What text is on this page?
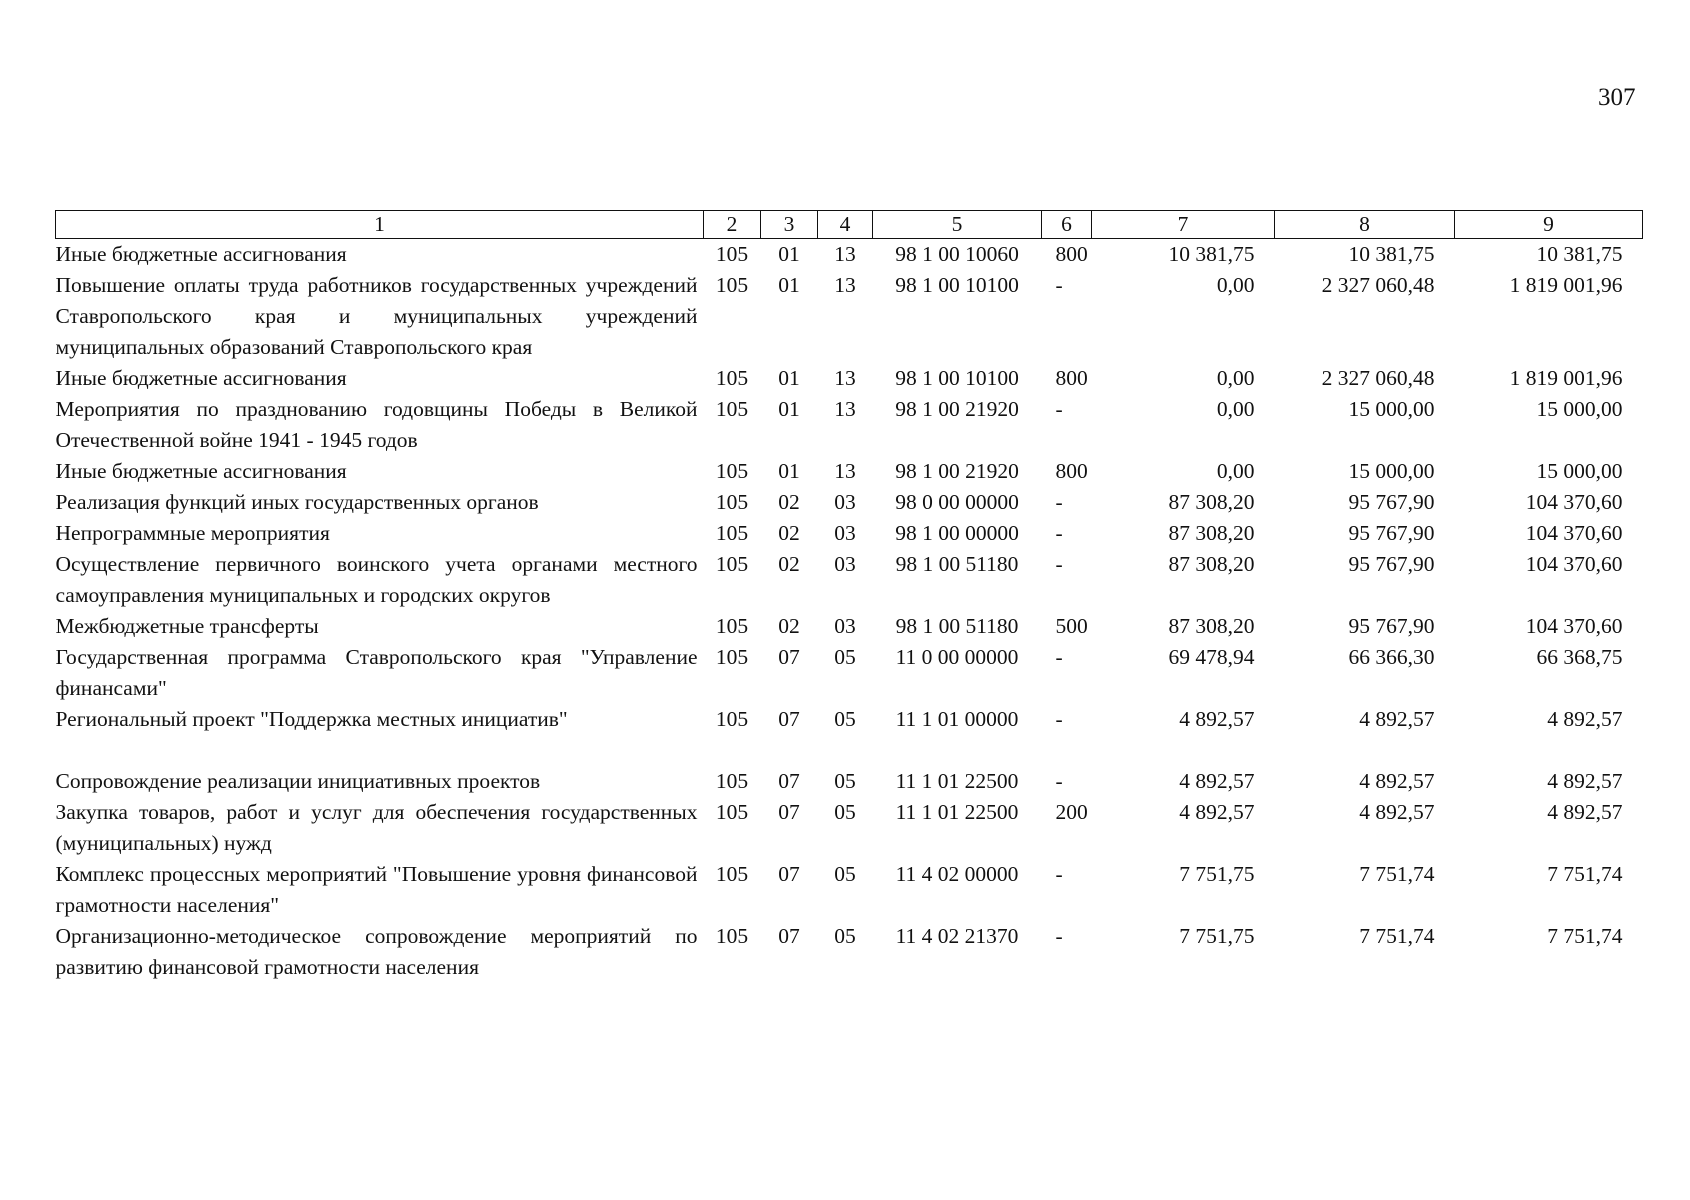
307
1	2	3	4	5	6	7	8	9
Иные бюджетные ассигнования	105	01	13	98 1 00 10060	800	10 381,75	10 381,75	10 381,75
Повышение оплаты труда работников государственных учреждений Ставропольского края и муниципальных учреждений муниципальных образований Ставропольского края	105	01	13	98 1 00 10100	-	0,00	2 327 060,48	1 819 001,96
Иные бюджетные ассигнования	105	01	13	98 1 00 10100	800	0,00	2 327 060,48	1 819 001,96
Мероприятия по празднованию годовщины Победы в Великой Отечественной войне 1941 - 1945 годов	105	01	13	98 1 00 21920	-	0,00	15 000,00	15 000,00
Иные бюджетные ассигнования	105	01	13	98 1 00 21920	800	0,00	15 000,00	15 000,00
Реализация функций иных государственных органов	105	02	03	98 0 00 00000	-	87 308,20	95 767,90	104 370,60
Непрограммные мероприятия	105	02	03	98 1 00 00000	-	87 308,20	95 767,90	104 370,60
Осуществление первичного воинского учета органами местного самоуправления муниципальных и городских округов	105	02	03	98 1 00 51180	-	87 308,20	95 767,90	104 370,60
Межбюджетные трансферты	105	02	03	98 1 00 51180	500	87 308,20	95 767,90	104 370,60
Государственная программа Ставропольского края "Управление финансами"	105	07	05	11 0 00 00000	-	69 478,94	66 366,30	66 368,75
Региональный проект "Поддержка местных инициатив"	105	07	05	11 1 01 00000	-	4 892,57	4 892,57	4 892,57
Сопровождение реализации инициативных проектов	105	07	05	11 1 01 22500	-	4 892,57	4 892,57	4 892,57
Закупка товаров, работ и услуг для обеспечения государственных (муниципальных) нужд	105	07	05	11 1 01 22500	200	4 892,57	4 892,57	4 892,57
Комплекс процессных мероприятий "Повышение уровня финансовой грамотности населения"	105	07	05	11 4 02 00000	-	7 751,75	7 751,74	7 751,74
Организационно-методическое сопровождение мероприятий по развитию финансовой грамотности населения	105	07	05	11 4 02 21370	-	7 751,75	7 751,74	7 751,74
